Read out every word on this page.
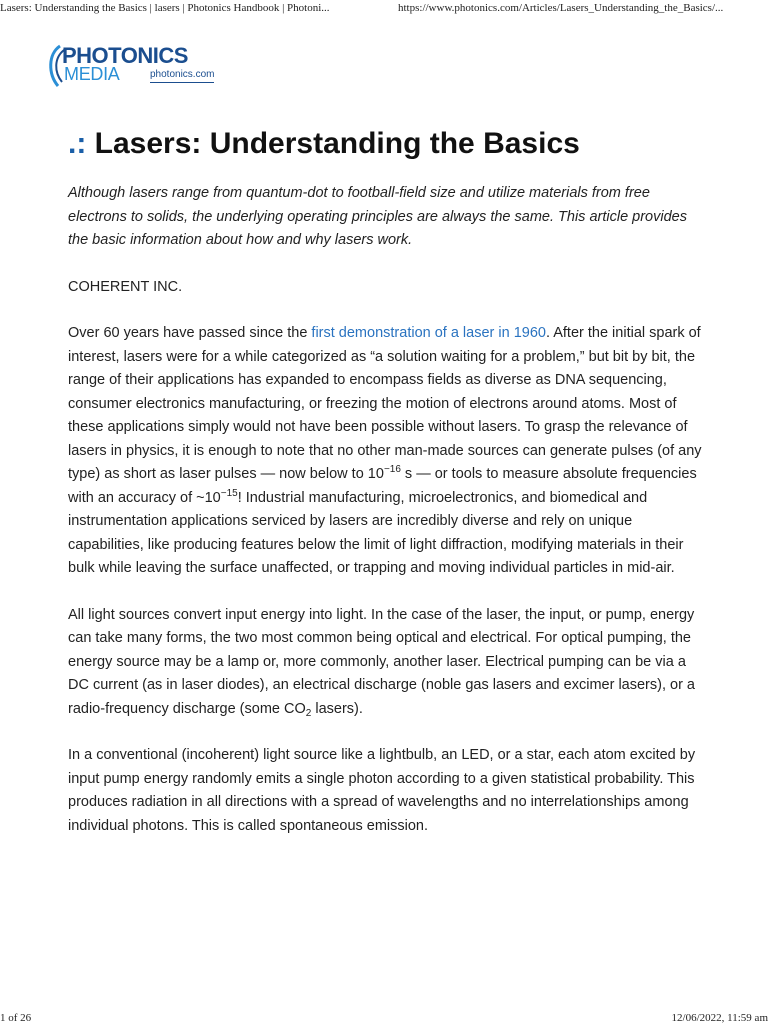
Lasers: Understanding the Basics | lasers | Photonics Handbook | Photoni...	https://www.photonics.com/Articles/Lasers_Understanding_the_Basics/...
PHOTONICS
MEDIA	photonics.com
.: Lasers: Understanding the Basics

Although lasers range from quantum-dot to football-field size and utilize materials from free electrons to solids, the underlying operating principles are always the same. This article provides the basic information about how and why lasers work.

COHERENT INC.

Over 60 years have passed since the first demonstration of a laser in 1960. After the initial spark of interest, lasers were for a while categorized as “a solution waiting for a problem,” but bit by bit, the range of their applications has expanded to encompass fields as diverse as DNA sequencing, consumer electronics manufacturing, or freezing the motion of electrons around atoms. Most of these applications simply would not have been possible without lasers. To grasp the relevance of lasers in physics, it is enough to note that no other man-made sources can generate pulses (of any type) as short as laser pulses — now below to $10^{-16}$ s — or tools to measure absolute frequencies with an accuracy of $\sim 10^{-15}$! Industrial manufacturing, microelectronics, and biomedical and instrumentation applications serviced by lasers are incredibly diverse and rely on unique capabilities, like producing features below the limit of light diffraction, modifying materials in their bulk while leaving the surface unaffected, or trapping and moving individual particles in mid-air.

All light sources convert input energy into light. In the case of the laser, the input, or pump, energy can take many forms, the two most common being optical and electrical. For optical pumping, the energy source may be a lamp or, more commonly, another laser. Electrical pumping can be via a DC current (as in laser diodes), an electrical discharge (noble gas lasers and excimer lasers), or a radio-frequency discharge (some $CO_2$ lasers).

In a conventional (incoherent) light source like a lightbulb, an LED, or a star, each atom excited by input pump energy randomly emits a single photon according to a given statistical probability. This produces radiation in all directions with a spread of wavelengths and no interrelationships among individual photons. This is called spontaneous emission.

1 of 26	12/06/2022, 11:59 am
